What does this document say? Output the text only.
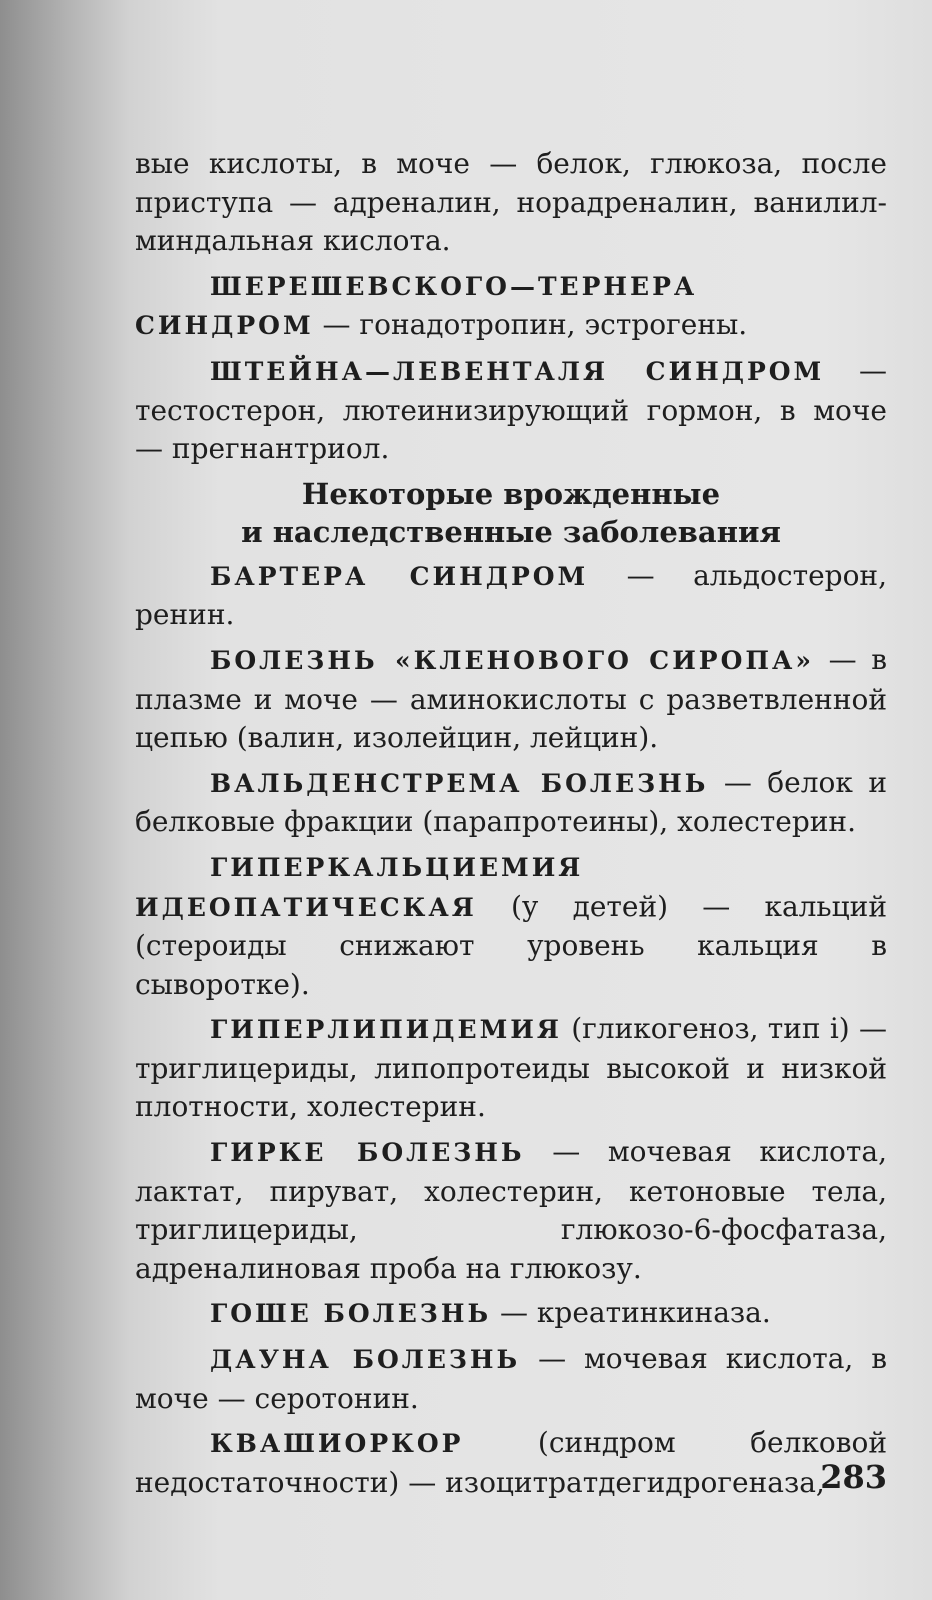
вые кислоты, в моче — белок, глюкоза, после приступа — адреналин, норадреналин, ванилил-миндальная кислота.

ШЕРЕШЕВСКОГО—ТЕРНЕРА СИНДРОМ — гонадотропин, эстрогены.

ШТЕЙНА—ЛЕВЕНТАЛЯ СИНДРОМ — тестостерон, лютеинизирующий гормон, в моче — прегнантриол.

Некоторые врожденные
и наследственные заболевания

БАРТЕРА СИНДРОМ — альдостерон, ренин.

БОЛЕЗНЬ «КЛЕНОВОГО СИРОПА» — в плазме и моче — аминокислоты с разветвленной цепью (валин, изолейцин, лейцин).

ВАЛЬДЕНСТРЕМА БОЛЕЗНЬ — белок и белковые фракции (парапротеины), холестерин.

ГИПЕРКАЛЬЦИЕМИЯ ИДЕОПАТИЧЕСКАЯ (у детей) — кальций (стероиды снижают уровень кальция в сыворотке).

ГИПЕРЛИПИДЕМИЯ (гликогеноз, тип i) — триглицериды, липопротеиды высокой и низкой плотности, холестерин.

ГИРКЕ БОЛЕЗНЬ — мочевая кислота, лактат, пируват, холестерин, кетоновые тела, триглицериды, глюкозо-6-фосфатаза, адреналиновая проба на глюкозу.

ГОШЕ БОЛЕЗНЬ — креатинкиназа.

ДАУНА БОЛЕЗНЬ — мочевая кислота, в моче — серотонин.

КВАШИОРКОР (синдром белковой недостаточности) — изоцитратдегидрогеназа,

283
